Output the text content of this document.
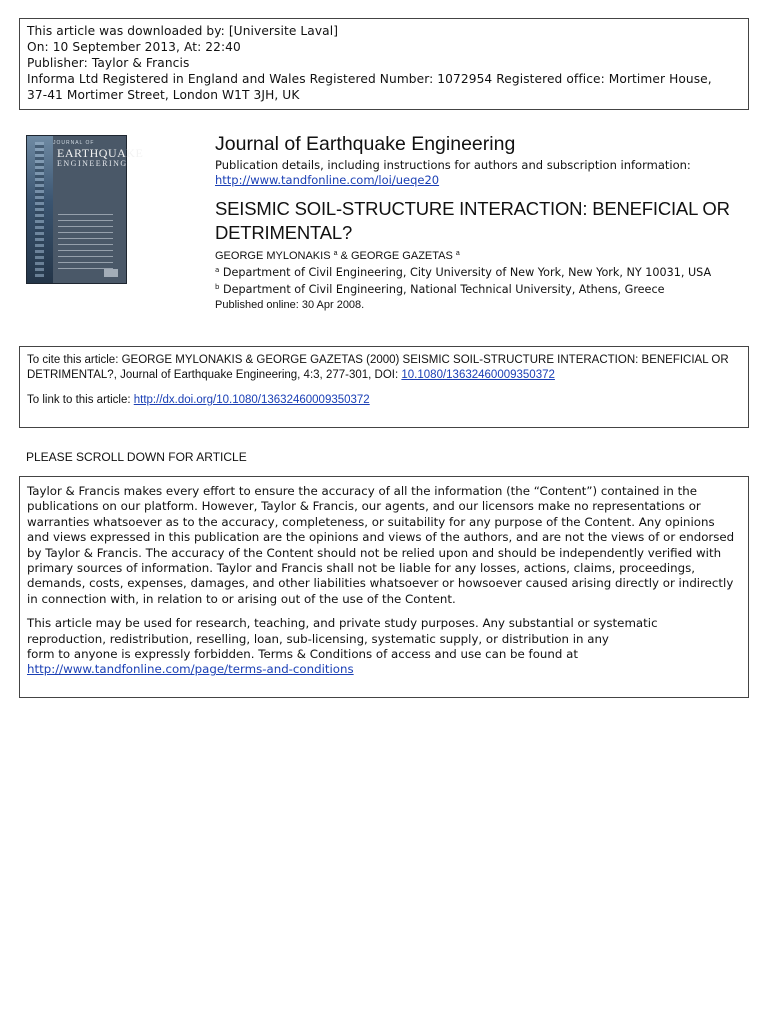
This article was downloaded by: [Universite Laval]
On: 10 September 2013, At: 22:40
Publisher: Taylor & Francis
Informa Ltd Registered in England and Wales Registered Number: 1072954 Registered office: Mortimer House,
37-41 Mortimer Street, London W1T 3JH, UK
JOURNAL OF
EARTHQUAKE
ENGINEERING
Journal of Earthquake Engineering
Publication details, including instructions for authors and subscription information:
http://www.tandfonline.com/loi/ueqe20
SEISMIC SOIL-STRUCTURE INTERACTION: BENEFICIAL OR DETRIMENTAL?
GEORGE MYLONAKIS $^a$ & GEORGE GAZETAS $^a$
$^a$ Department of Civil Engineering, City University of New York, New York, NY 10031, USA
$^b$ Department of Civil Engineering, National Technical University, Athens, Greece
Published online: 30 Apr 2008.
To cite this article: GEORGE MYLONAKIS & GEORGE GAZETAS (2000) SEISMIC SOIL-STRUCTURE INTERACTION: BENEFICIAL OR DETRIMENTAL?, Journal of Earthquake Engineering, 4:3, 277-301, DOI: 10.1080/13632460009350372
To link to this article: http://dx.doi.org/10.1080/13632460009350372
PLEASE SCROLL DOWN FOR ARTICLE

Taylor & Francis makes every effort to ensure the accuracy of all the information (the “Content”) contained in the publications on our platform. However, Taylor & Francis, our agents, and our licensors make no representations or warranties whatsoever as to the accuracy, completeness, or suitability for any purpose of the Content. Any opinions and views expressed in this publication are the opinions and views of the authors, and are not the views of or endorsed by Taylor & Francis. The accuracy of the Content should not be relied upon and should be independently verified with primary sources of information. Taylor and Francis shall not be liable for any losses, actions, claims, proceedings, demands, costs, expenses, damages, and other liabilities whatsoever or howsoever caused arising directly or indirectly in connection with, in relation to or arising out of the use of the Content.

This article may be used for research, teaching, and private study purposes. Any substantial or systematic
reproduction, redistribution, reselling, loan, sub-licensing, systematic supply, or distribution in any
form to anyone is expressly forbidden. Terms & Conditions of access and use can be found at http://www.tandfonline.com/page/terms-and-conditions
